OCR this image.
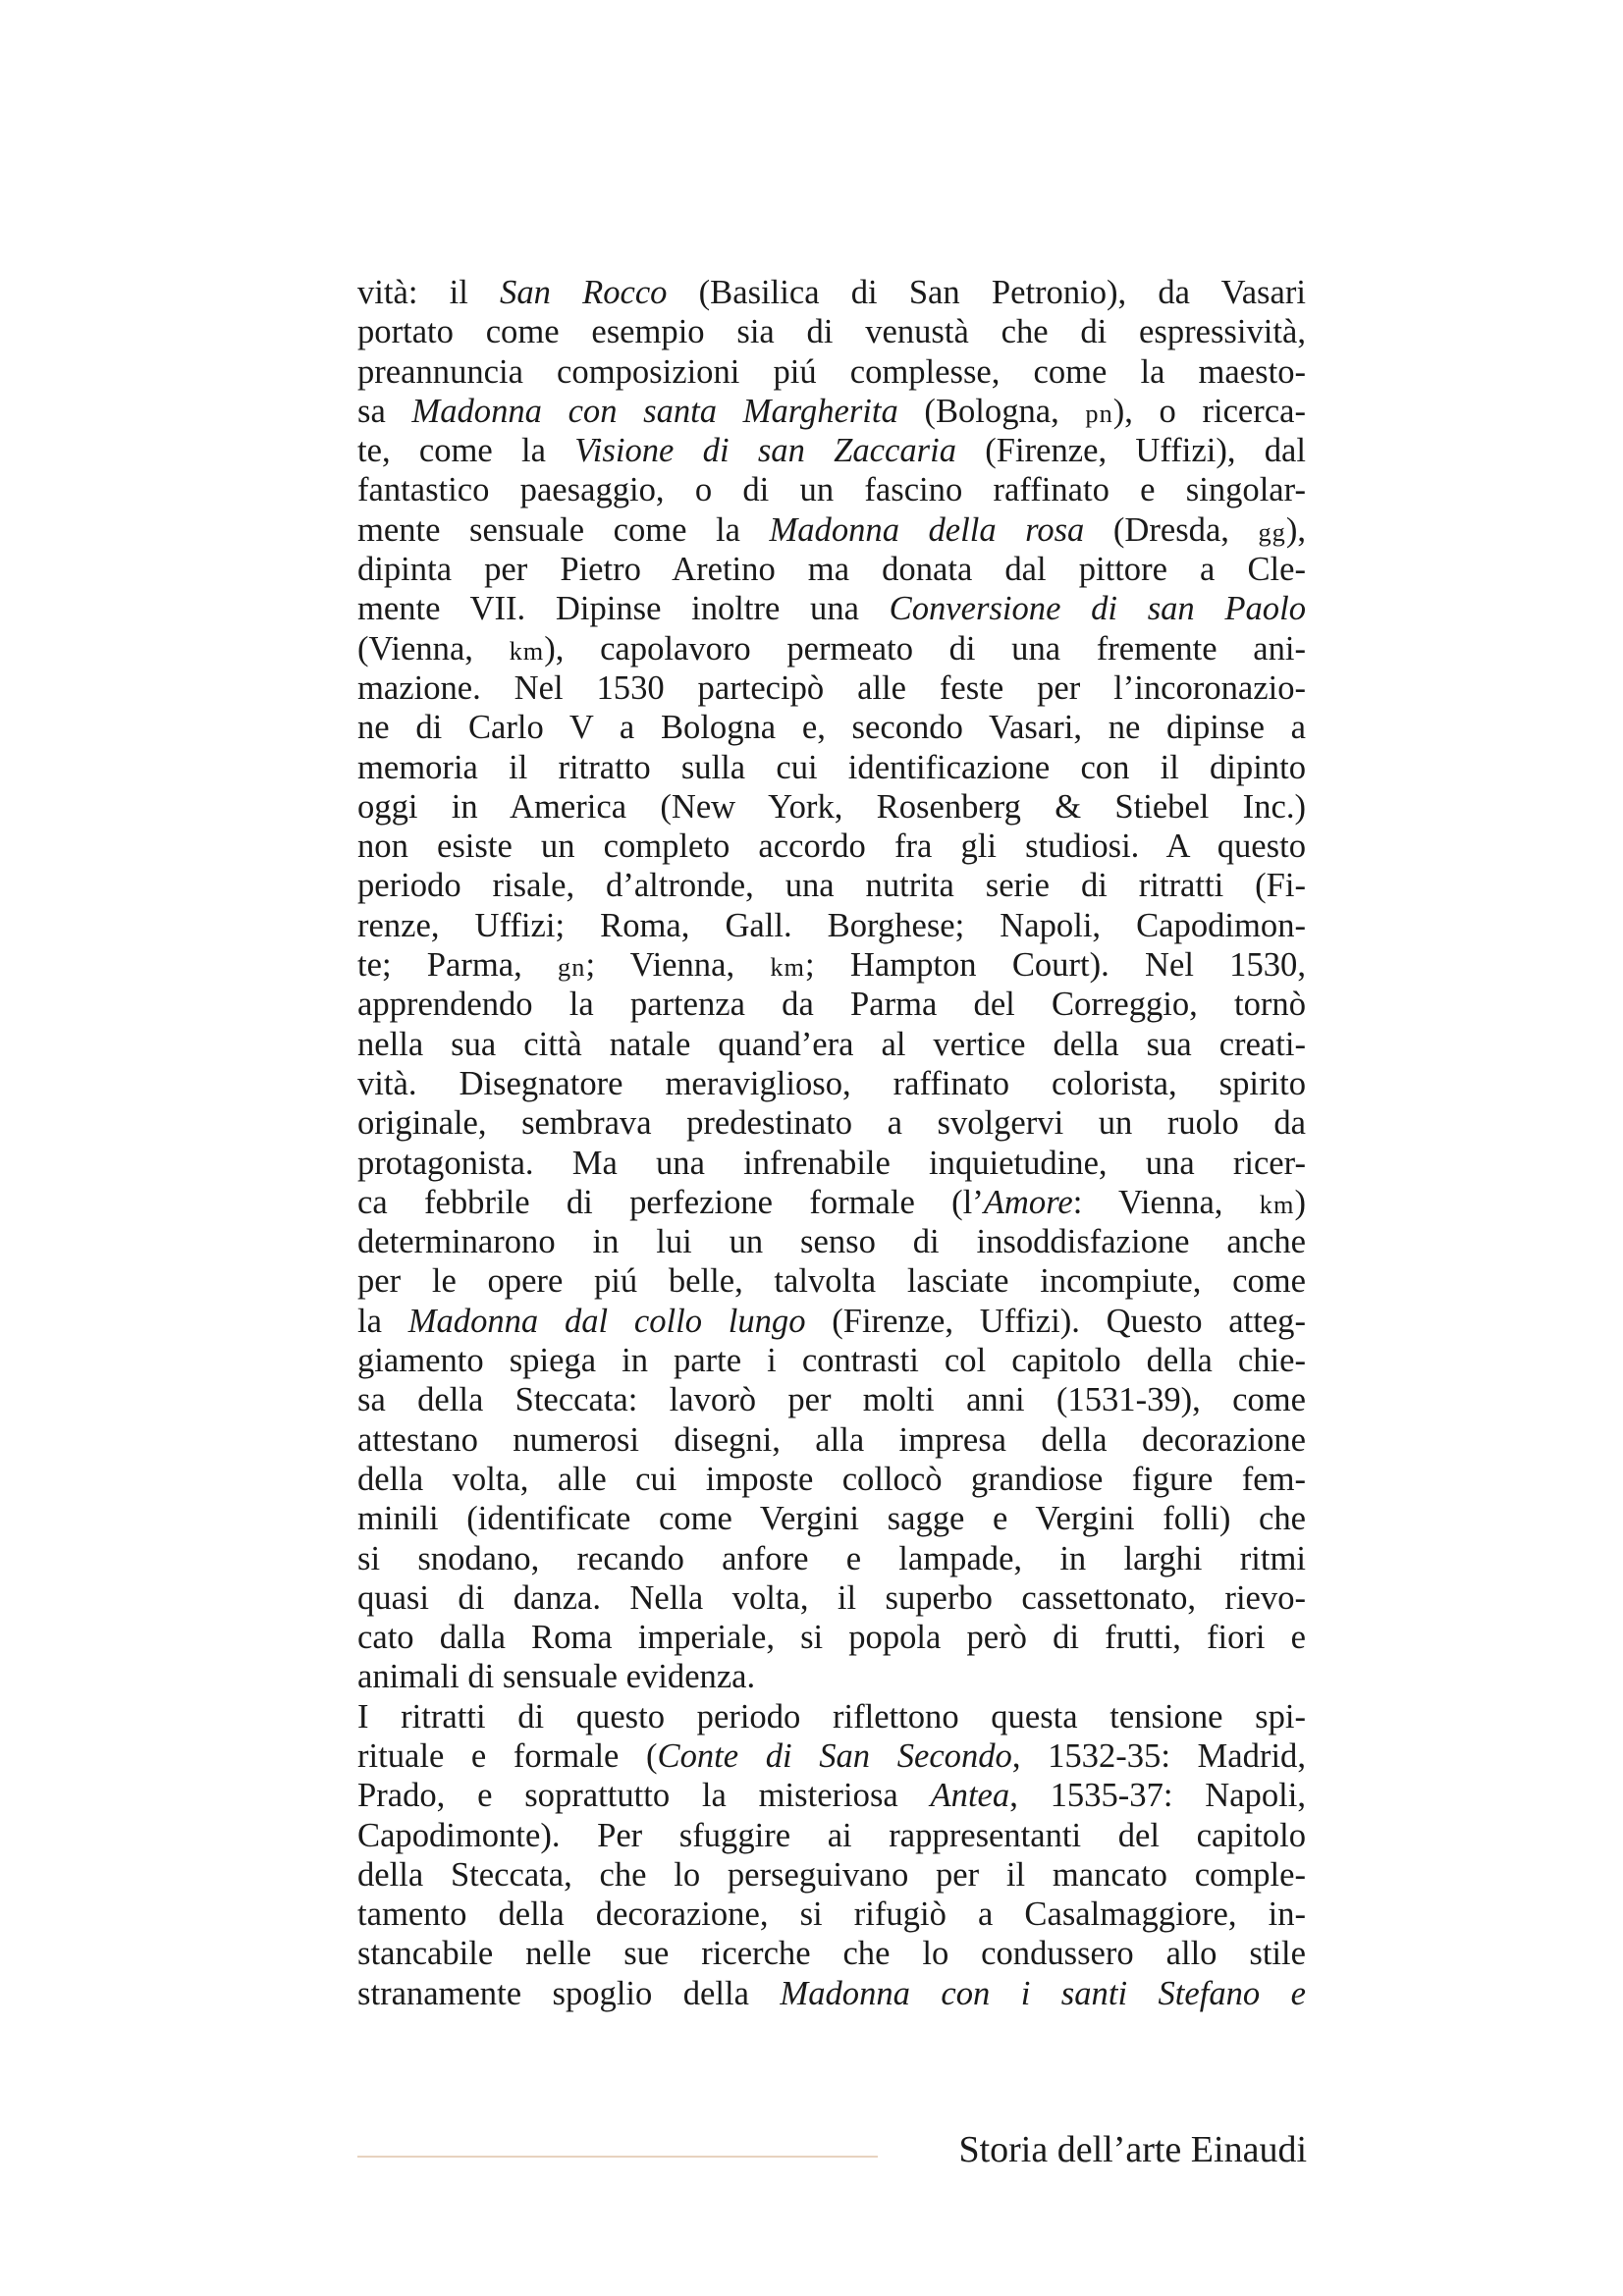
vità: il San Rocco (Basilica di San Petronio), da Vasari
portato come esempio sia di venustà che di espressività,
preannuncia composizioni piú complesse, come la maesto-
sa Madonna con santa Margherita (Bologna, pn), o ricerca-
te, come la Visione di san Zaccaria (Firenze, Uffizi), dal
fantastico paesaggio, o di un fascino raffinato e singolar-
mente sensuale come la Madonna della rosa (Dresda, gg),
dipinta per Pietro Aretino ma donata dal pittore a Cle-
mente VII. Dipinse inoltre una Conversione di san Paolo
(Vienna, km), capolavoro permeato di una fremente ani-
mazione. Nel 1530 partecipò alle feste per l’incoronazio-
ne di Carlo V a Bologna e, secondo Vasari, ne dipinse a
memoria il ritratto sulla cui identificazione con il dipinto
oggi in America (New York, Rosenberg & Stiebel Inc.)
non esiste un completo accordo fra gli studiosi. A questo
periodo risale, d’altronde, una nutrita serie di ritratti (Fi-
renze, Uffizi; Roma, Gall. Borghese; Napoli, Capodimon-
te; Parma, gn; Vienna, km; Hampton Court). Nel 1530,
apprendendo la partenza da Parma del Correggio, tornò
nella sua città natale quand’era al vertice della sua creati-
vità. Disegnatore meraviglioso, raffinato colorista, spirito
originale, sembrava predestinato a svolgervi un ruolo da
protagonista. Ma una infrenabile inquietudine, una ricer-
ca febbrile di perfezione formale (l’Amore: Vienna, km)
determinarono in lui un senso di insoddisfazione anche
per le opere piú belle, talvolta lasciate incompiute, come
la Madonna dal collo lungo (Firenze, Uffizi). Questo atteg-
giamento spiega in parte i contrasti col capitolo della chie-
sa della Steccata: lavorò per molti anni (1531-39), come
attestano numerosi disegni, alla impresa della decorazione
della volta, alle cui imposte collocò grandiose figure fem-
minili (identificate come Vergini sagge e Vergini folli) che
si snodano, recando anfore e lampade, in larghi ritmi
quasi di danza. Nella volta, il superbo cassettonato, rievo-
cato dalla Roma imperiale, si popola però di frutti, fiori e
animali di sensuale evidenza.
I ritratti di questo periodo riflettono questa tensione spi-
rituale e formale (Conte di San Secondo, 1532-35: Madrid,
Prado, e soprattutto la misteriosa Antea, 1535-37: Napoli,
Capodimonte). Per sfuggire ai rappresentanti del capitolo
della Steccata, che lo perseguivano per il mancato comple-
tamento della decorazione, si rifugiò a Casalmaggiore, in-
stancabile nelle sue ricerche che lo condussero allo stile
stranamente spoglio della Madonna con i santi Stefano e
Storia dell’arte Einaudi
